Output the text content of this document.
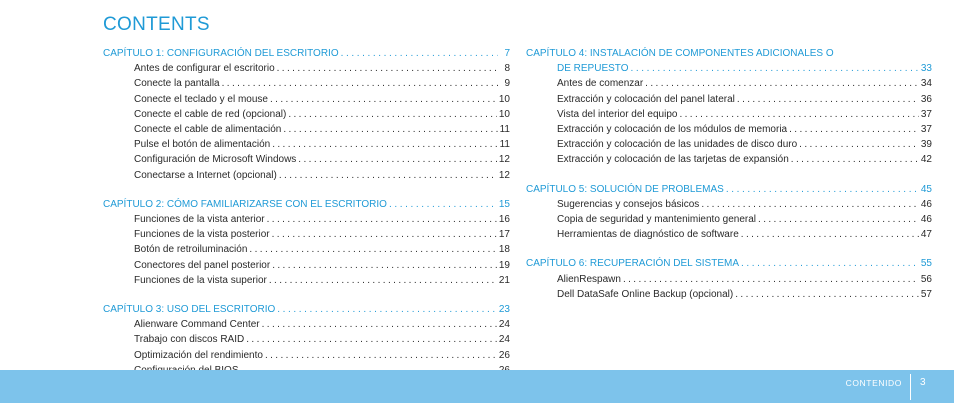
CONTENTS
CAPÍTULO 1: CONFIGURACIÓN DEL ESCRITORIO .....	7
Antes de configurar el escritorio .....	8
Conecte la pantalla .....	9
Conecte el teclado y el mouse .....	10
Conecte el cable de red (opcional) .....	10
Conecte el cable de alimentación .....	11
Pulse el botón de alimentación .....	11
Configuración de Microsoft Windows .....	12
Conectarse a Internet (opcional) .....	12
CAPÍTULO 2: CÓMO FAMILIARIZARSE CON EL ESCRITORIO .....	15
Funciones de la vista anterior .....	16
Funciones de la vista posterior .....	17
Botón de retroiluminación .....	18
Conectores del panel posterior .....	19
Funciones de la vista superior .....	21
CAPÍTULO 3: USO DEL ESCRITORIO .....	23
Alienware Command Center .....	24
Trabajo con discos RAID .....	24
Optimización del rendimiento .....	26
.....
CAPÍTULO 4: INSTALACIÓN DE COMPONENTES ADICIONALES O
DE REPUESTO .....	33
Antes de comenzar .....	34
Extracción y colocación del panel lateral .....	36
Vista del interior del equipo .....	37
Extracción y colocación de los módulos de memoria .....	37
Extracción y colocación de las unidades de disco duro .....	39
Extracción y colocación de las tarjetas de expansión .....	42
CAPÍTULO 5: SOLUCIÓN DE PROBLEMAS .....	45
Sugerencias y consejos básicos .....	46
Copia de seguridad y mantenimiento general .....	46
Herramientas de diagnóstico de software .....	47
CAPÍTULO 6: RECUPERACIÓN DEL SISTEMA .....	55
AlienRespawn .....	56
Dell DataSafe Online Backup (opcional) .....	57
CONTENIDO 3
